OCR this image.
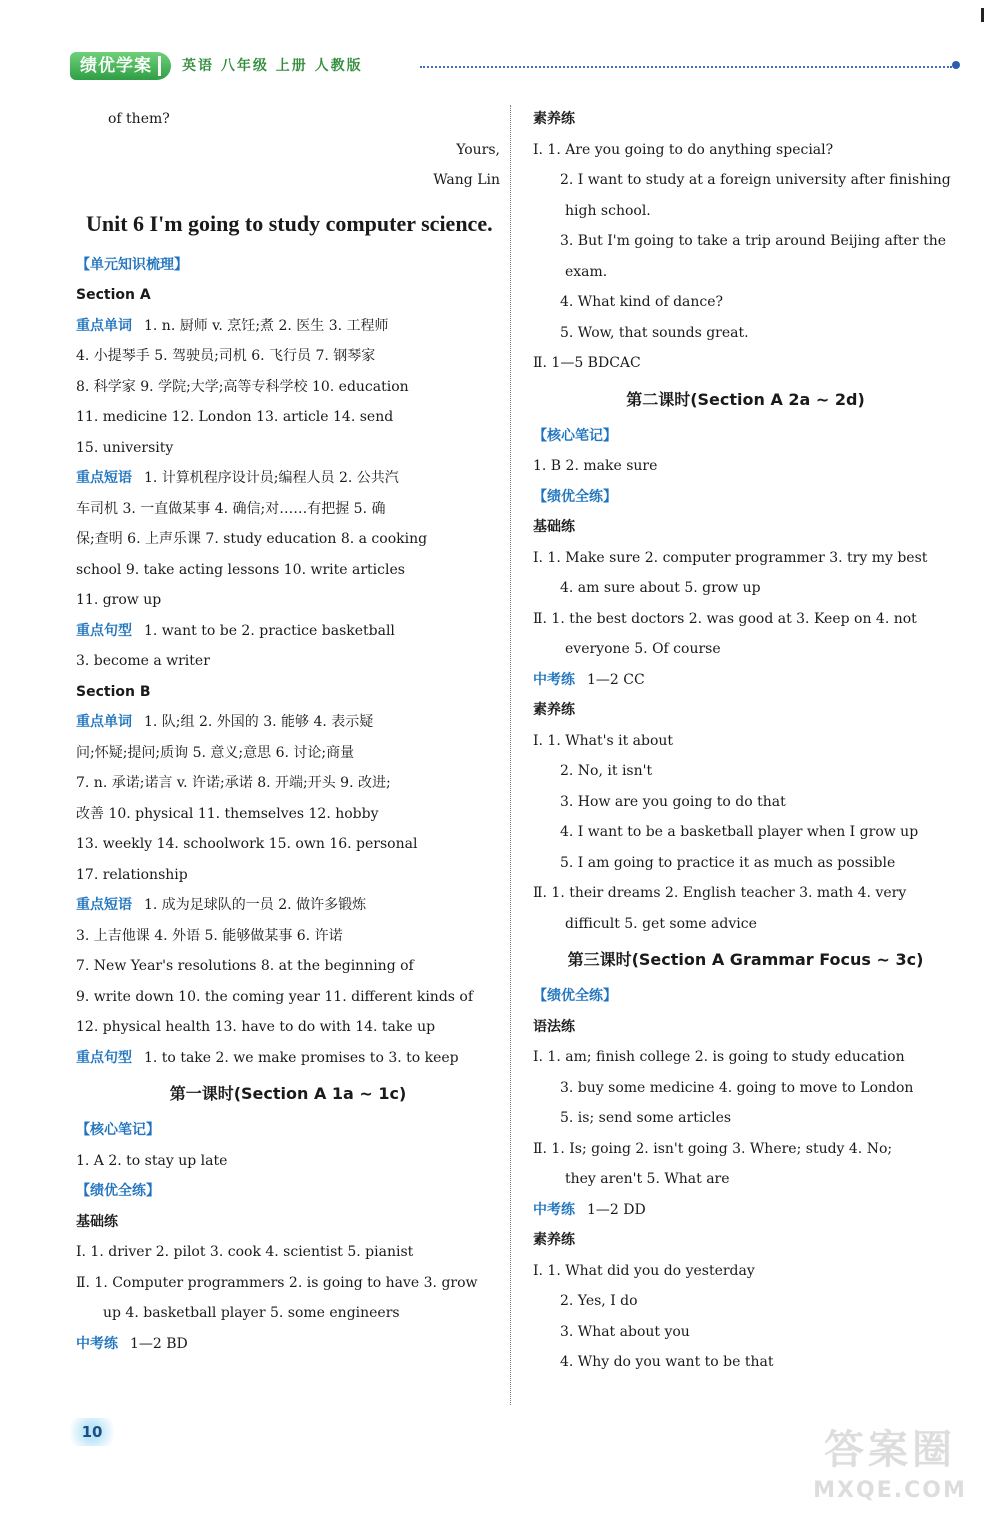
绩优学案	英语 八年级 上册 人教版
of them?
Yours,
Wang Lin
Unit 6 I'm going to study computer science.
【单元知识梳理】
Section A
重点单词 1. n. 厨师 v. 烹饪;煮 2. 医生 3. 工程师
4. 小提琴手 5. 驾驶员;司机 6. 飞行员 7. 钢琴家
8. 科学家 9. 学院;大学;高等专科学校 10. education
11. medicine 12. London 13. article 14. send
15. university
重点短语 1. 计算机程序设计员;编程人员 2. 公共汽
车司机 3. 一直做某事 4. 确信;对……有把握 5. 确
保;查明 6. 上声乐课 7. study education 8. a cooking
school 9. take acting lessons 10. write articles
11. grow up
重点句型 1. want to be 2. practice basketball
3. become a writer
Section B
重点单词 1. 队;组 2. 外国的 3. 能够 4. 表示疑
问;怀疑;提问;质询 5. 意义;意思 6. 讨论;商量
7. n. 承诺;诺言 v. 许诺;承诺 8. 开端;开头 9. 改进;
改善 10. physical 11. themselves 12. hobby
13. weekly 14. schoolwork 15. own 16. personal
17. relationship
重点短语 1. 成为足球队的一员 2. 做许多锻炼
3. 上吉他课 4. 外语 5. 能够做某事 6. 许诺
7. New Year's resolutions 8. at the beginning of
9. write down 10. the coming year 11. different kinds of
12. physical health 13. have to do with 14. take up
重点句型 1. to take 2. we make promises to 3. to keep
第一课时(Section A 1a ~ 1c)
【核心笔记】
1. A 2. to stay up late
【绩优全练】
基础练
Ⅰ. 1. driver 2. pilot 3. cook 4. scientist 5. pianist
Ⅱ. 1. Computer programmers 2. is going to have 3. grow
up 4. basketball player 5. some engineers
中考练 1—2 BD
素养练
Ⅰ. 1. Are you going to do anything special?
2. I want to study at a foreign university after finishing
high school.
3. But I'm going to take a trip around Beijing after the
exam.
4. What kind of dance?
5. Wow, that sounds great.
Ⅱ. 1—5 BDCAC
第二课时(Section A 2a ~ 2d)
【核心笔记】
1. B 2. make sure
【绩优全练】
基础练
Ⅰ. 1. Make sure 2. computer programmer 3. try my best
4. am sure about 5. grow up
Ⅱ. 1. the best doctors 2. was good at 3. Keep on 4. not
everyone 5. Of course
中考练 1—2 CC
素养练
Ⅰ. 1. What's it about
2. No, it isn't
3. How are you going to do that
4. I want to be a basketball player when I grow up
5. I am going to practice it as much as possible
Ⅱ. 1. their dreams 2. English teacher 3. math 4. very
difficult 5. get some advice
第三课时(Section A Grammar Focus ~ 3c)
【绩优全练】
语法练
Ⅰ. 1. am; finish college 2. is going to study education
3. buy some medicine 4. going to move to London
5. is; send some articles
Ⅱ. 1. Is; going 2. isn't going 3. Where; study 4. No;
they aren't 5. What are
中考练 1—2 DD
素养练
Ⅰ. 1. What did you do yesterday
2. Yes, I do
3. What about you
4. Why do you want to be that
10	答案圈
MXQE.COM
